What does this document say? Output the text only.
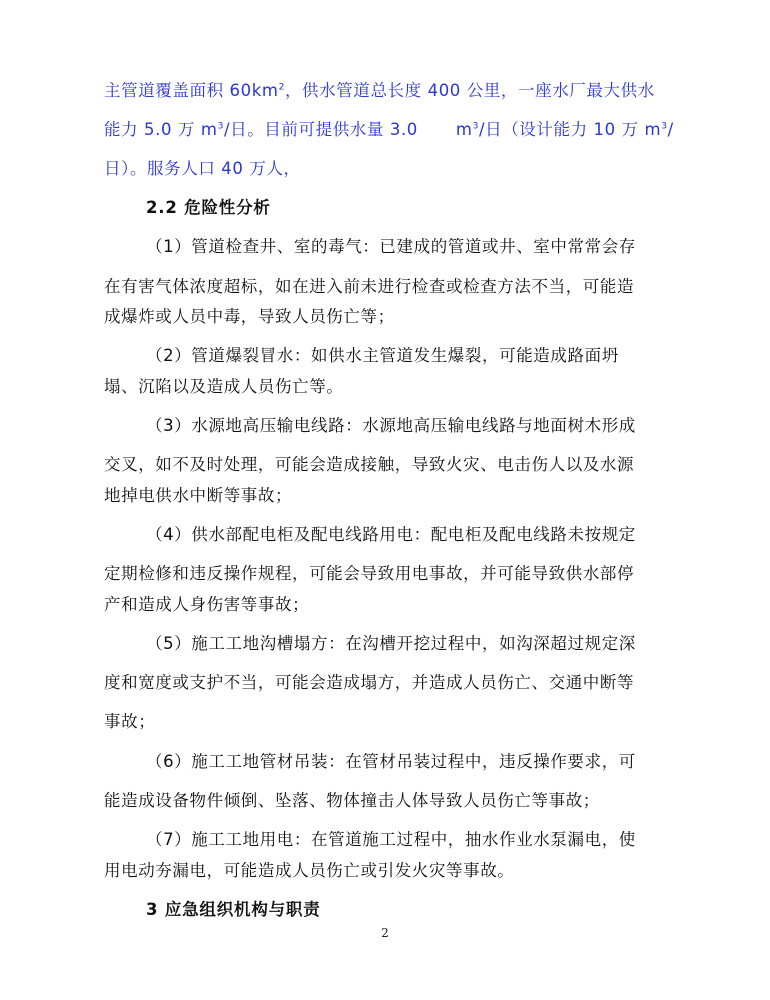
主管道覆盖面积 $60km^2$，供水管道总长度 400 公里，一座水厂最大供水
能力 5.0 万 $m^3/$日。目前可提供水量 3.0 $m^3/$日（设计能力 10 万 $m^3/$
日）。服务人口 40 万人，
2.2 危险性分析
（1）管道检查井、室的毒气：已建成的管道或井、室中常常会存
在有害气体浓度超标，如在进入前未进行检查或检查方法不当，可能造
成爆炸或人员中毒，导致人员伤亡等；
（2）管道爆裂冒水：如供水主管道发生爆裂，可能造成路面坍
塌、沉陷以及造成人员伤亡等。
（3）水源地高压输电线路：水源地高压输电线路与地面树木形成
交叉，如不及时处理，可能会造成接触，导致火灾、电击伤人以及水源
地掉电供水中断等事故；
（4）供水部配电柜及配电线路用电：配电柜及配电线路未按规定
定期检修和违反操作规程，可能会导致用电事故，并可能导致供水部停
产和造成人身伤害等事故；
（5）施工工地沟槽塌方：在沟槽开挖过程中，如沟深超过规定深
度和宽度或支护不当，可能会造成塌方，并造成人员伤亡、交通中断等
事故；
（6）施工工地管材吊装：在管材吊装过程中，违反操作要求，可
能造成设备物件倾倒、坠落、物体撞击人体导致人员伤亡等事故；
（7）施工工地用电：在管道施工过程中，抽水作业水泵漏电，使
用电动夯漏电，可能造成人员伤亡或引发火灾等事故。
3 应急组织机构与职责
2
